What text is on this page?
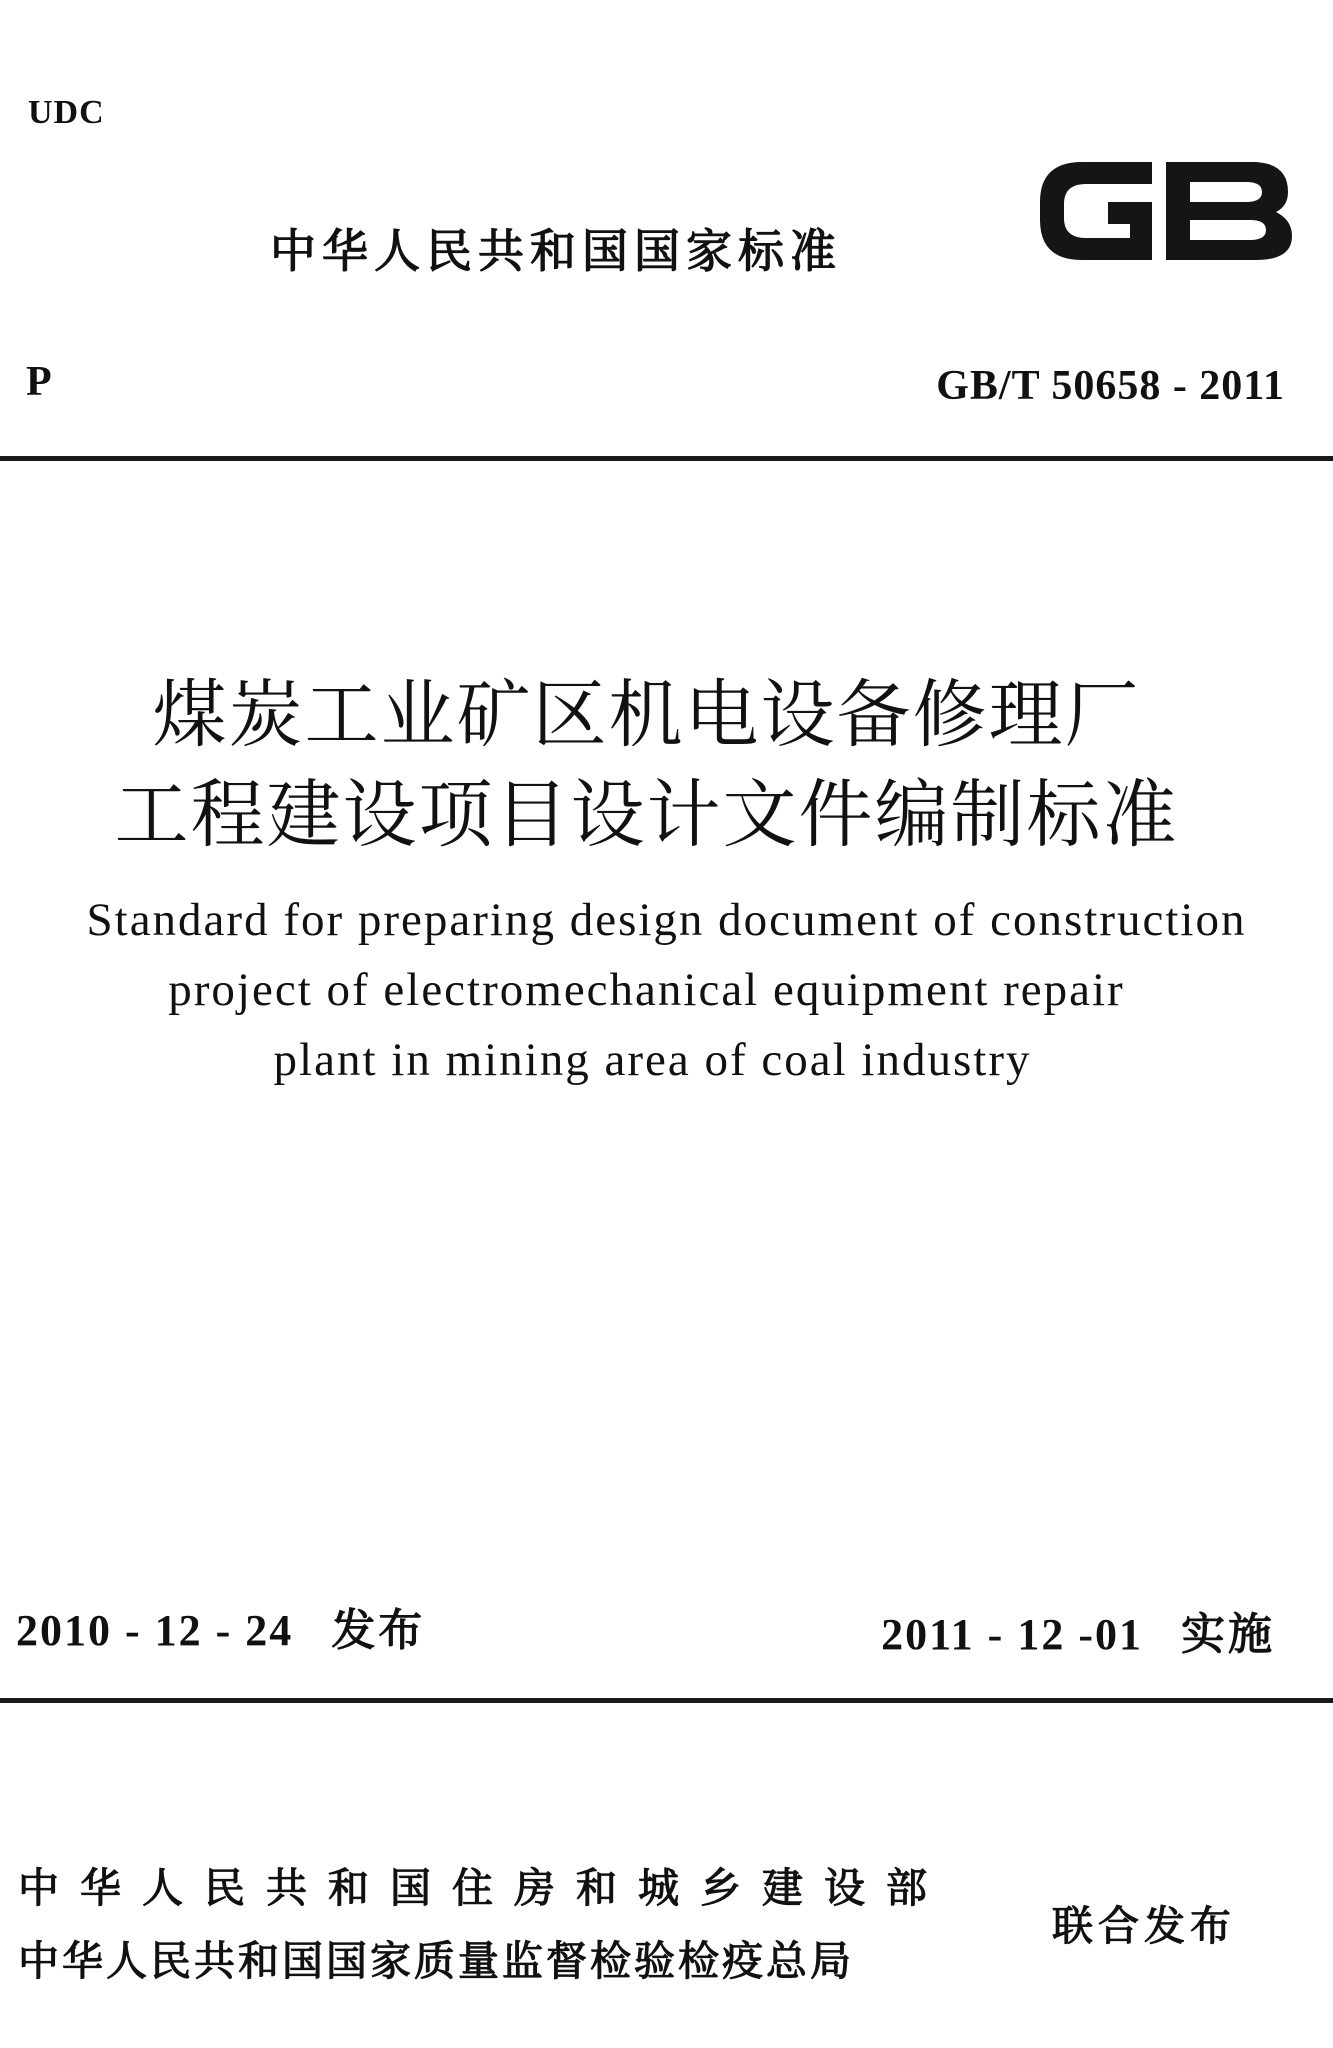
UDC
中华人民共和国国家标准
P	GB/T 50658 - 2011
煤炭工业矿区机电设备修理厂
工程建设项目设计文件编制标准
Standard for preparing design document of construction
project of electromechanical equipment repair
plant in mining area of coal industry
2010 - 12 - 24 发布	2011 - 12 -01 实施
中华人民共和国住房和城乡建设部
中华人民共和国国家质量监督检验检疫总局
联合发布
